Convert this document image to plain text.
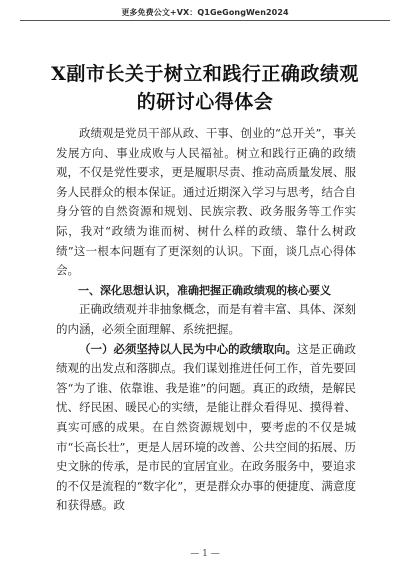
更多免费公文+VX：Q1GeGongWen2024
X副市长关于树立和践行正确政绩观的研讨心得体会

政绩观是党员干部从政、干事、创业的“总开关”，事关发展方向、事业成败与人民福祉。树立和践行正确的政绩观，不仅是党性要求，更是履职尽责、推动高质量发展、服务人民群众的根本保证。通过近期深入学习与思考，结合自身分管的自然资源和规划、民族宗教、政务服务等工作实际，我对“政绩为谁而树、树什么样的政绩、靠什么树政绩”这一根本问题有了更深刻的认识。下面，谈几点心得体会。

一、深化思想认识，准确把握正确政绩观的核心要义

正确政绩观并非抽象概念，而是有着丰富、具体、深刻的内涵，必须全面理解、系统把握。

（一）必须坚持以人民为中心的政绩取向。这是正确政绩观的出发点和落脚点。我们谋划推进任何工作，首先要回答“为了谁、依靠谁、我是谁”的问题。真正的政绩，是解民忧、纾民困、暖民心的实绩，是能让群众看得见、摸得着、真实可感的成果。在自然资源规划中，要考虑的不仅是城市“长高长壮”，更是人居环境的改善、公共空间的拓展、历史文脉的传承，是市民的宜居宜业。在政务服务中，要追求的不仅是流程的“数字化”，更是群众办事的便捷度、满意度和获得感。政

— 1 —
